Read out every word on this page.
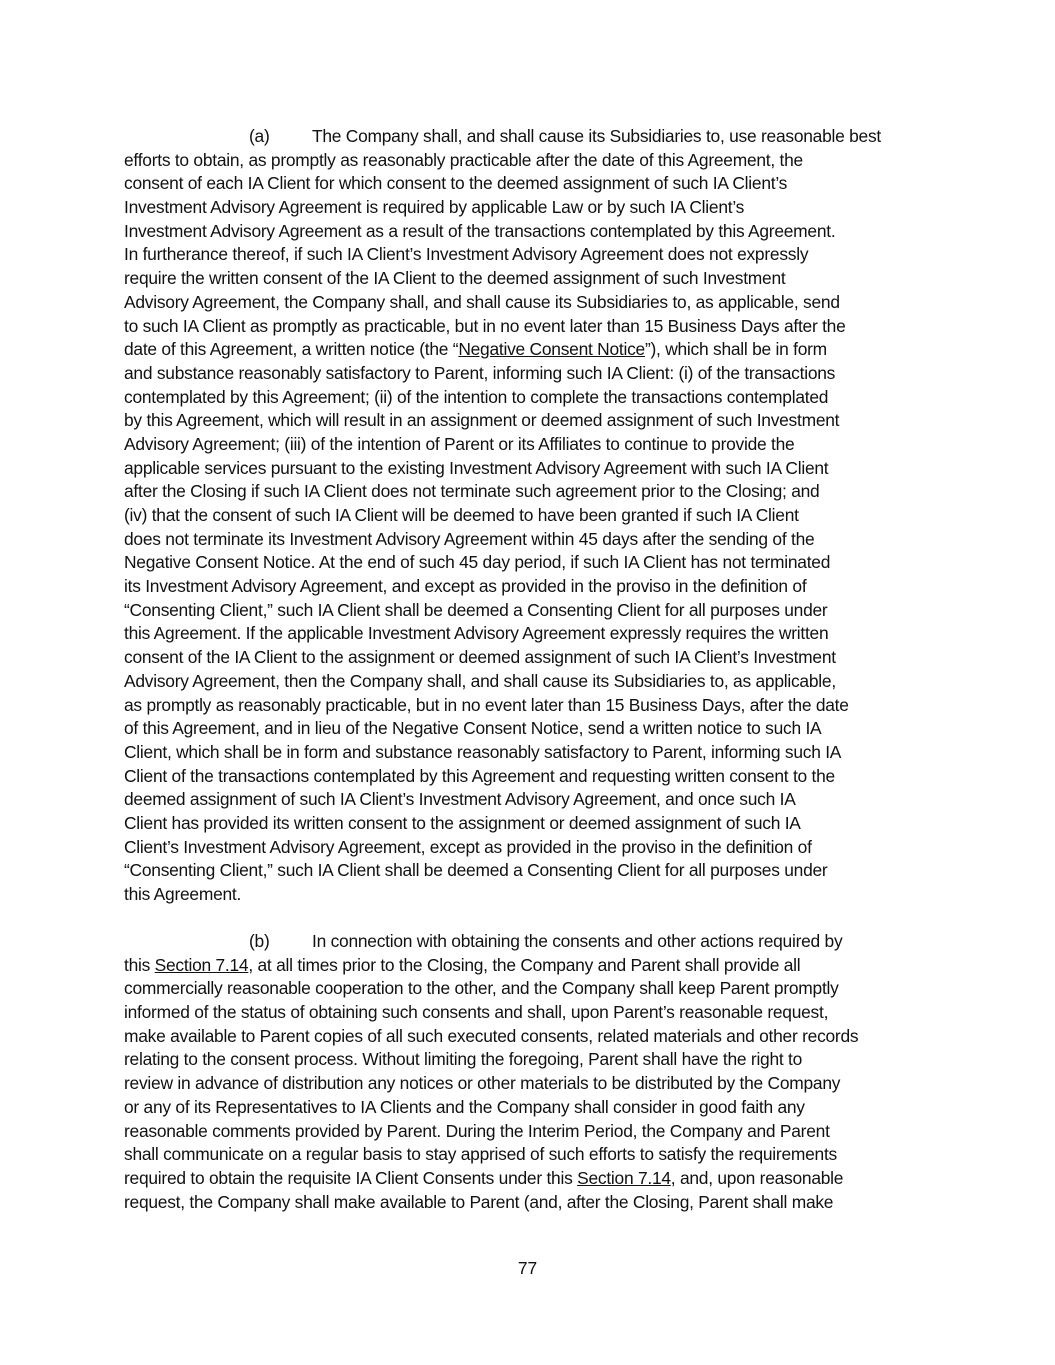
(a) The Company shall, and shall cause its Subsidiaries to, use reasonable best
efforts to obtain, as promptly as reasonably practicable after the date of this Agreement, the
consent of each IA Client for which consent to the deemed assignment of such IA Client’s
Investment Advisory Agreement is required by applicable Law or by such IA Client’s
Investment Advisory Agreement as a result of the transactions contemplated by this Agreement.
In furtherance thereof, if such IA Client’s Investment Advisory Agreement does not expressly
require the written consent of the IA Client to the deemed assignment of such Investment
Advisory Agreement, the Company shall, and shall cause its Subsidiaries to, as applicable, send
to such IA Client as promptly as practicable, but in no event later than 15 Business Days after the
date of this Agreement, a written notice (the “Negative Consent Notice”), which shall be in form
and substance reasonably satisfactory to Parent, informing such IA Client: (i) of the transactions
contemplated by this Agreement; (ii) of the intention to complete the transactions contemplated
by this Agreement, which will result in an assignment or deemed assignment of such Investment
Advisory Agreement; (iii) of the intention of Parent or its Affiliates to continue to provide the
applicable services pursuant to the existing Investment Advisory Agreement with such IA Client
after the Closing if such IA Client does not terminate such agreement prior to the Closing; and
(iv) that the consent of such IA Client will be deemed to have been granted if such IA Client
does not terminate its Investment Advisory Agreement within 45 days after the sending of the
Negative Consent Notice. At the end of such 45 day period, if such IA Client has not terminated
its Investment Advisory Agreement, and except as provided in the proviso in the definition of
“Consenting Client,” such IA Client shall be deemed a Consenting Client for all purposes under
this Agreement. If the applicable Investment Advisory Agreement expressly requires the written
consent of the IA Client to the assignment or deemed assignment of such IA Client’s Investment
Advisory Agreement, then the Company shall, and shall cause its Subsidiaries to, as applicable,
as promptly as reasonably practicable, but in no event later than 15 Business Days, after the date
of this Agreement, and in lieu of the Negative Consent Notice, send a written notice to such IA
Client, which shall be in form and substance reasonably satisfactory to Parent, informing such IA
Client of the transactions contemplated by this Agreement and requesting written consent to the
deemed assignment of such IA Client’s Investment Advisory Agreement, and once such IA
Client has provided its written consent to the assignment or deemed assignment of such IA
Client’s Investment Advisory Agreement, except as provided in the proviso in the definition of
“Consenting Client,” such IA Client shall be deemed a Consenting Client for all purposes under
this Agreement.
(b) In connection with obtaining the consents and other actions required by
this Section 7.14, at all times prior to the Closing, the Company and Parent shall provide all
commercially reasonable cooperation to the other, and the Company shall keep Parent promptly
informed of the status of obtaining such consents and shall, upon Parent’s reasonable request,
make available to Parent copies of all such executed consents, related materials and other records
relating to the consent process. Without limiting the foregoing, Parent shall have the right to
review in advance of distribution any notices or other materials to be distributed by the Company
or any of its Representatives to IA Clients and the Company shall consider in good faith any
reasonable comments provided by Parent. During the Interim Period, the Company and Parent
shall communicate on a regular basis to stay apprised of such efforts to satisfy the requirements
required to obtain the requisite IA Client Consents under this Section 7.14, and, upon reasonable
request, the Company shall make available to Parent (and, after the Closing, Parent shall make
77
